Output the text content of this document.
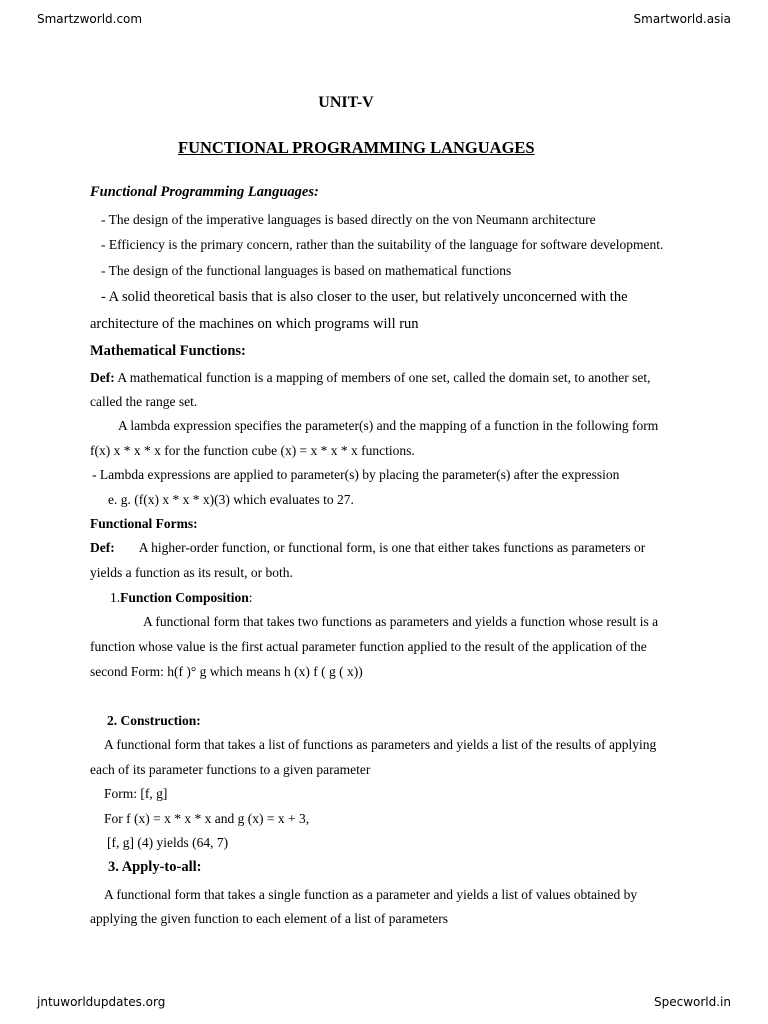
Smartzworld.com	Smartworld.asia
UNIT-V
FUNCTIONAL PROGRAMMING LANGUAGES
Functional Programming Languages:
- The design of the imperative languages is based directly on the von Neumann architecture
- Efficiency is the primary concern, rather than the suitability of the language for software development.
- The design of the functional languages is based on mathematical functions
- A solid theoretical basis that is also closer to the user, but relatively unconcerned with the
architecture of the machines on which programs will run
Mathematical Functions:
Def: A mathematical function is a mapping of members of one set, called the domain set, to another set,
called the range set.
A lambda expression specifies the parameter(s) and the mapping of a function in the following form
f(x) x * x * x for the function cube (x) = x * x * x functions.
- Lambda expressions are applied to parameter(s) by placing the parameter(s) after the expression
e. g. (f(x) x * x * x)(3) which evaluates to 27.
Functional Forms:
Def: A higher-order function, or functional form, is one that either takes functions as parameters or
yields a function as its result, or both.
1.Function Composition:
A functional form that takes two functions as parameters and yields a function whose result is a
function whose value is the first actual parameter function applied to the result of the application of the
second Form: h(f )° g which means h (x) f ( g ( x))
2. Construction:
A functional form that takes a list of functions as parameters and yields a list of the results of applying
each of its parameter functions to a given parameter
Form: [f, g]
For f (x) = x * x * x and g (x) = x + 3,
[f, g] (4) yields (64, 7)
3. Apply-to-all:
A functional form that takes a single function as a parameter and yields a list of values obtained by
applying the given function to each element of a list of parameters
jntuworldupdates.org	Specworld.in
